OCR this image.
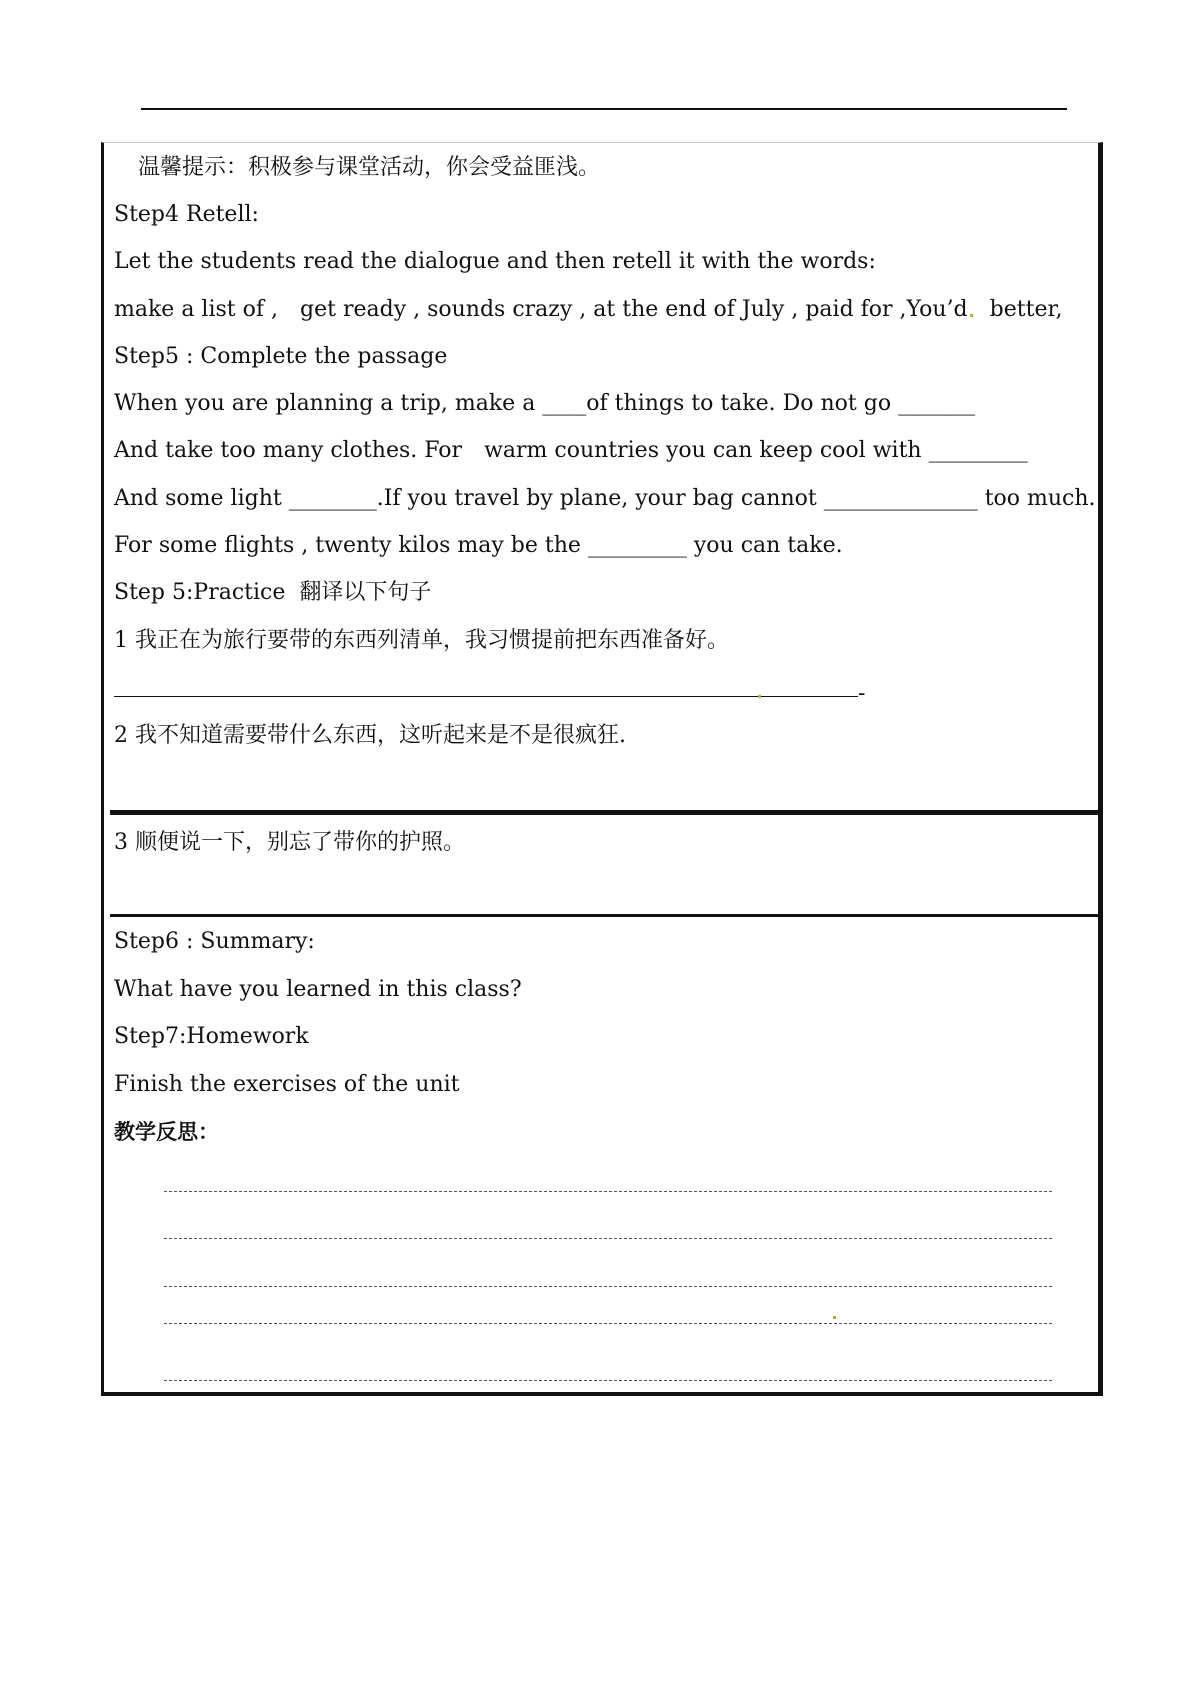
温馨提示：积极参与课堂活动，你会受益匪浅。

Step4 Retell:

Let the students read the dialogue and then retell it with the words:

make a list of , get ready , sounds crazy , at the end of July , paid for ,You’d better,

Step5 : Complete the passage

When you are planning a trip, make a ____of things to take. Do not go _______

And take too many clothes. For warm countries you can keep cool with _________

And some light ________.If you travel by plane, your bag cannot ______________ too much.

For some flights , twenty kilos may be the _________ you can take.

Step 5:Practice 翻译以下句子

1 我正在为旅行要带的东西列清单，我习惯提前把东西准备好。

-

2 我不知道需要带什么东西，这听起来是不是很疯狂.

3 顺便说一下，别忘了带你的护照。

Step6 : Summary:

What have you learned in this class?

Step7:Homework

Finish the exercises of the unit

教学反思：
